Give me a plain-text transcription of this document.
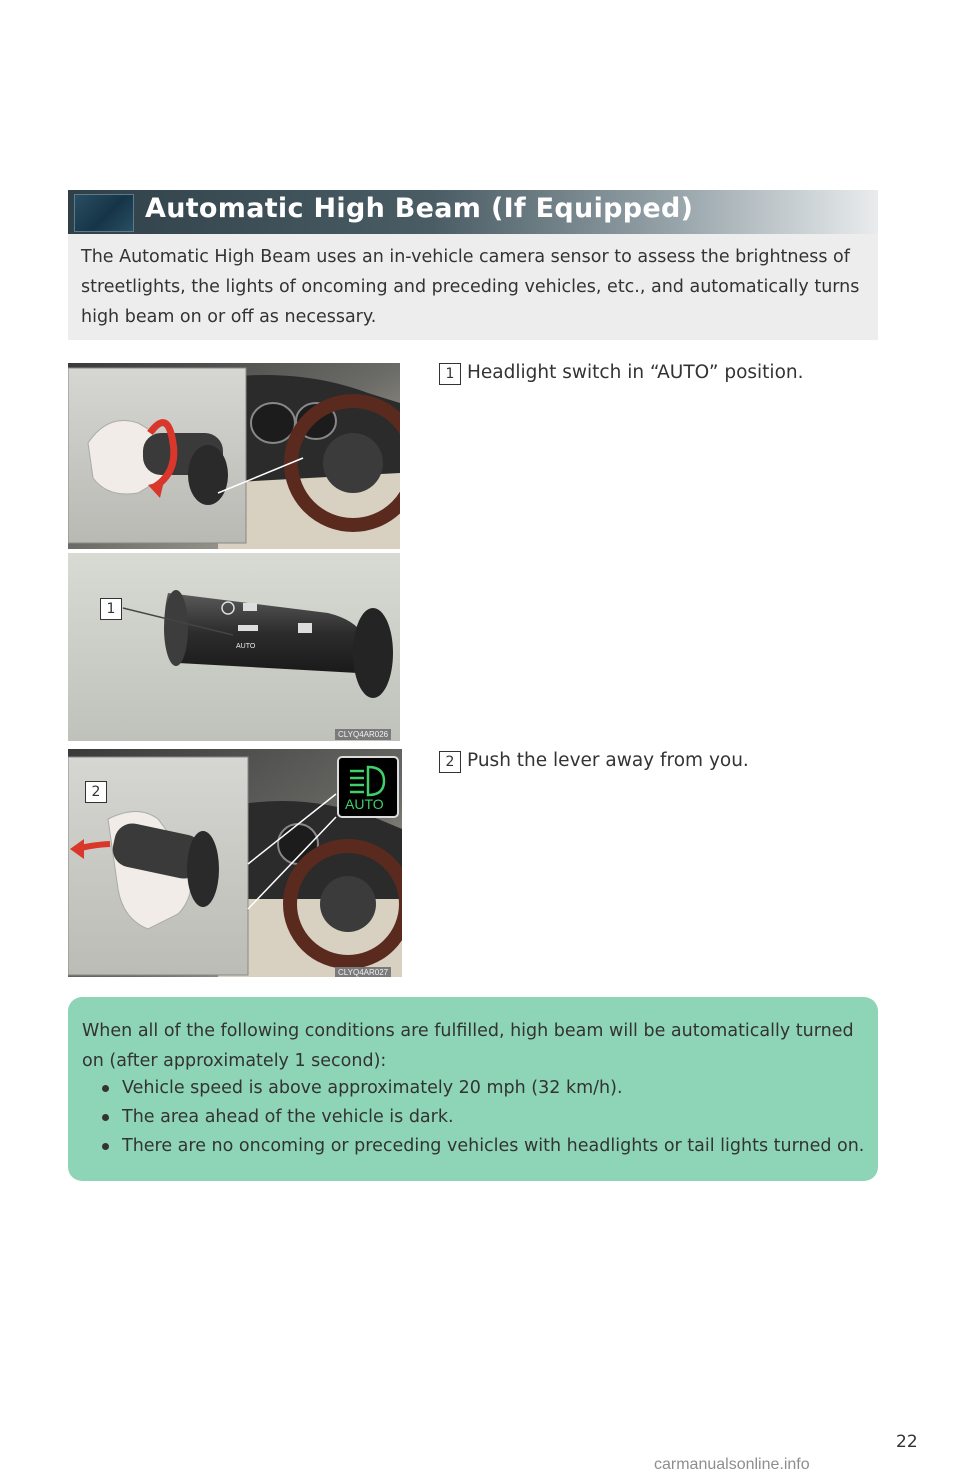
Automatic High Beam (If Equipped)
The Automatic High Beam uses an in-vehicle camera sensor to assess the brightness of streetlights, the lights of oncoming and preceding vehicles, etc., and automatically turns high beam on or off as necessary.
AUTO
1
CLYQ4AR026
AUTO
2
CLYQ4AR027
1 Headlight switch in “AUTO” position.
2 Push the lever away from you.
When all of the following conditions are fulfilled, high beam will be automatically turned on (after approximately 1 second):
Vehicle speed is above approximately 20 mph (32 km/h).
The area ahead of the vehicle is dark.
There are no oncoming or preceding vehicles with headlights or tail lights turned on.
22
carmanualsonline.info
